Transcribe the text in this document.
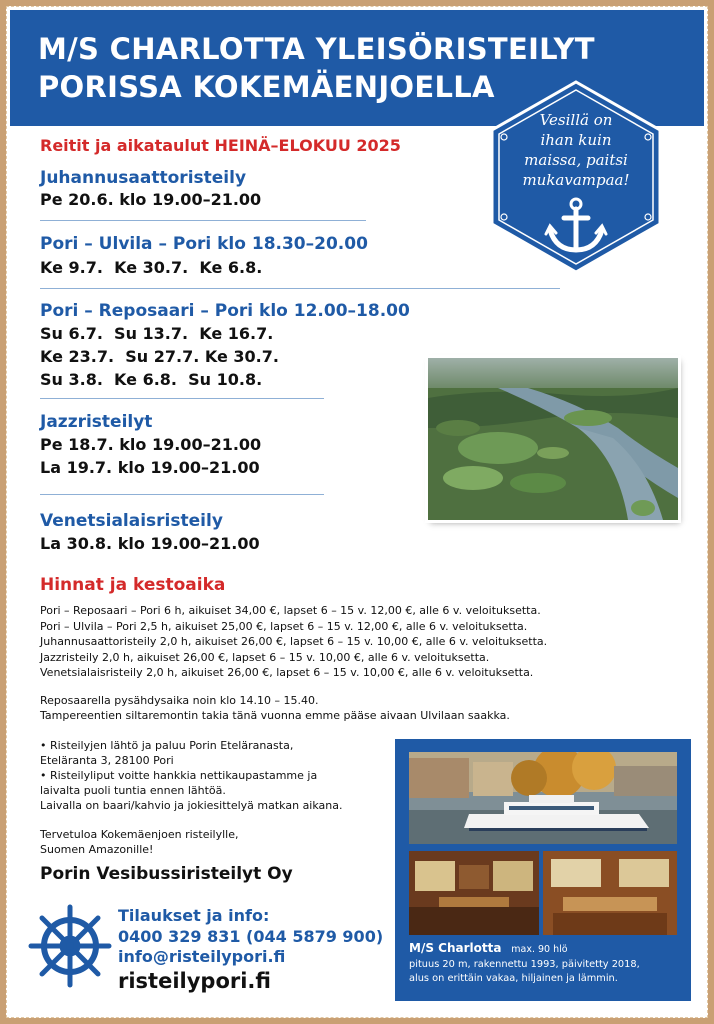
M/S CHARLOTTA YLEISÖRISTEILYT
PORISSA KOKEMÄENJOELLA
Vesillä on
ihan kuin
maissa, paitsi
mukavampaa!
Reitit ja aikataulut HEINÄ–ELOKUU 2025
Juhannusaattoristeily
Pe 20.6. klo 19.00–21.00
Pori – Ulvila – Pori klo 18.30–20.00
Ke 9.7.  Ke 30.7.  Ke 6.8.
Pori – Reposaari – Pori klo 12.00–18.00
Su 6.7.  Su 13.7.  Ke 16.7.
Ke 23.7.  Su 27.7. Ke 30.7.
Su 3.8.  Ke 6.8.  Su 10.8.
Jazzristeilyt
Pe 18.7. klo 19.00–21.00
La 19.7. klo 19.00–21.00
Venetsialaisristeily
La 30.8. klo 19.00–21.00
Hinnat ja kestoaika
Pori – Reposaari – Pori 6 h, aikuiset 34,00 €, lapset 6 – 15 v. 12,00 €, alle 6 v. veloituksetta.
Pori – Ulvila – Pori 2,5 h, aikuiset 25,00 €, lapset 6 – 15 v. 12,00 €, alle 6 v. veloituksetta.
Juhannusaattoristeily 2,0 h, aikuiset 26,00 €, lapset 6 – 15 v. 10,00 €, alle 6 v. veloituksetta.
Jazzristeily 2,0 h, aikuiset 26,00 €, lapset 6 – 15 v. 10,00 €, alle 6 v. veloituksetta.
Venetsialaisristeily 2,0 h, aikuiset 26,00 €, lapset 6 – 15 v. 10,00 €, alle 6 v. veloituksetta.
Reposaarella pysähdysaika noin klo 14.10 – 15.40.
Tampereentien siltaremontin takia tänä vuonna emme pääse aivaan Ulvilaan saakka.
• Risteilyjen lähtö ja paluu Porin Eteläranasta,
Eteläranta 3, 28100 Pori
• Risteilyliput voitte hankkia nettikaupastamme ja
laivalta puoli tuntia ennen lähtöä.
Laivalla on baari/kahvio ja jokiesittelyä matkan aikana.
Tervetuloa Kokemäenjoen risteilylle,
Suomen Amazonille!
Porin Vesibussiristeilyt Oy
Tilaukset ja info:
0400 329 831 (044 5879 900)
info@risteilypori.fi
risteilypori.fi
M/S Charlotta max. 90 hlö
pituus 20 m, rakennettu 1993, päivitetty 2018,
alus on erittäin vakaa, hiljainen ja lämmin.
